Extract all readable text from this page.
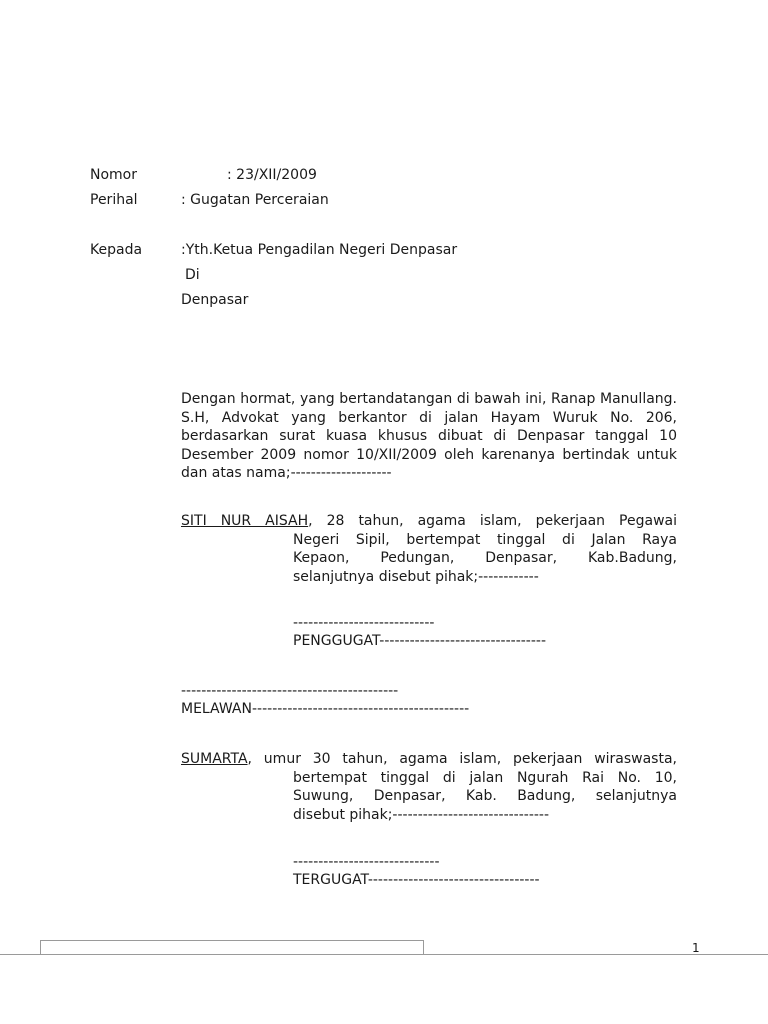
Nomor	: 23/XII/2009
Perihal	: Gugatan Perceraian
Kepada	:Yth.Ketua Pengadilan Negeri Denpasar
Di
Denpasar
Dengan hormat, yang bertandatangan di bawah ini, Ranap Manullang. S.H, Advokat yang berkantor di jalan Hayam Wuruk No. 206, berdasarkan surat kuasa khusus dibuat di Denpasar tanggal 10 Desember 2009 nomor 10/XII/2009 oleh karenanya bertindak untuk dan atas nama;--------------------
SITI NUR AISAH, 28 tahun, agama islam, pekerjaan Pegawai
Negeri Sipil, bertempat tinggal di Jalan Raya
Kepaon, Pedungan, Denpasar, Kab.Badung,
selanjutnya disebut pihak;------------
----------------------------
PENGGUGAT---------------------------------
-------------------------------------------
MELAWAN-------------------------------------------
SUMARTA, umur 30 tahun, agama islam, pekerjaan wiraswasta,
bertempat tinggal di jalan Ngurah Rai No. 10,
Suwung, Denpasar, Kab. Badung, selanjutnya
disebut pihak;-------------------------------
-----------------------------
TERGUGAT----------------------------------
1
